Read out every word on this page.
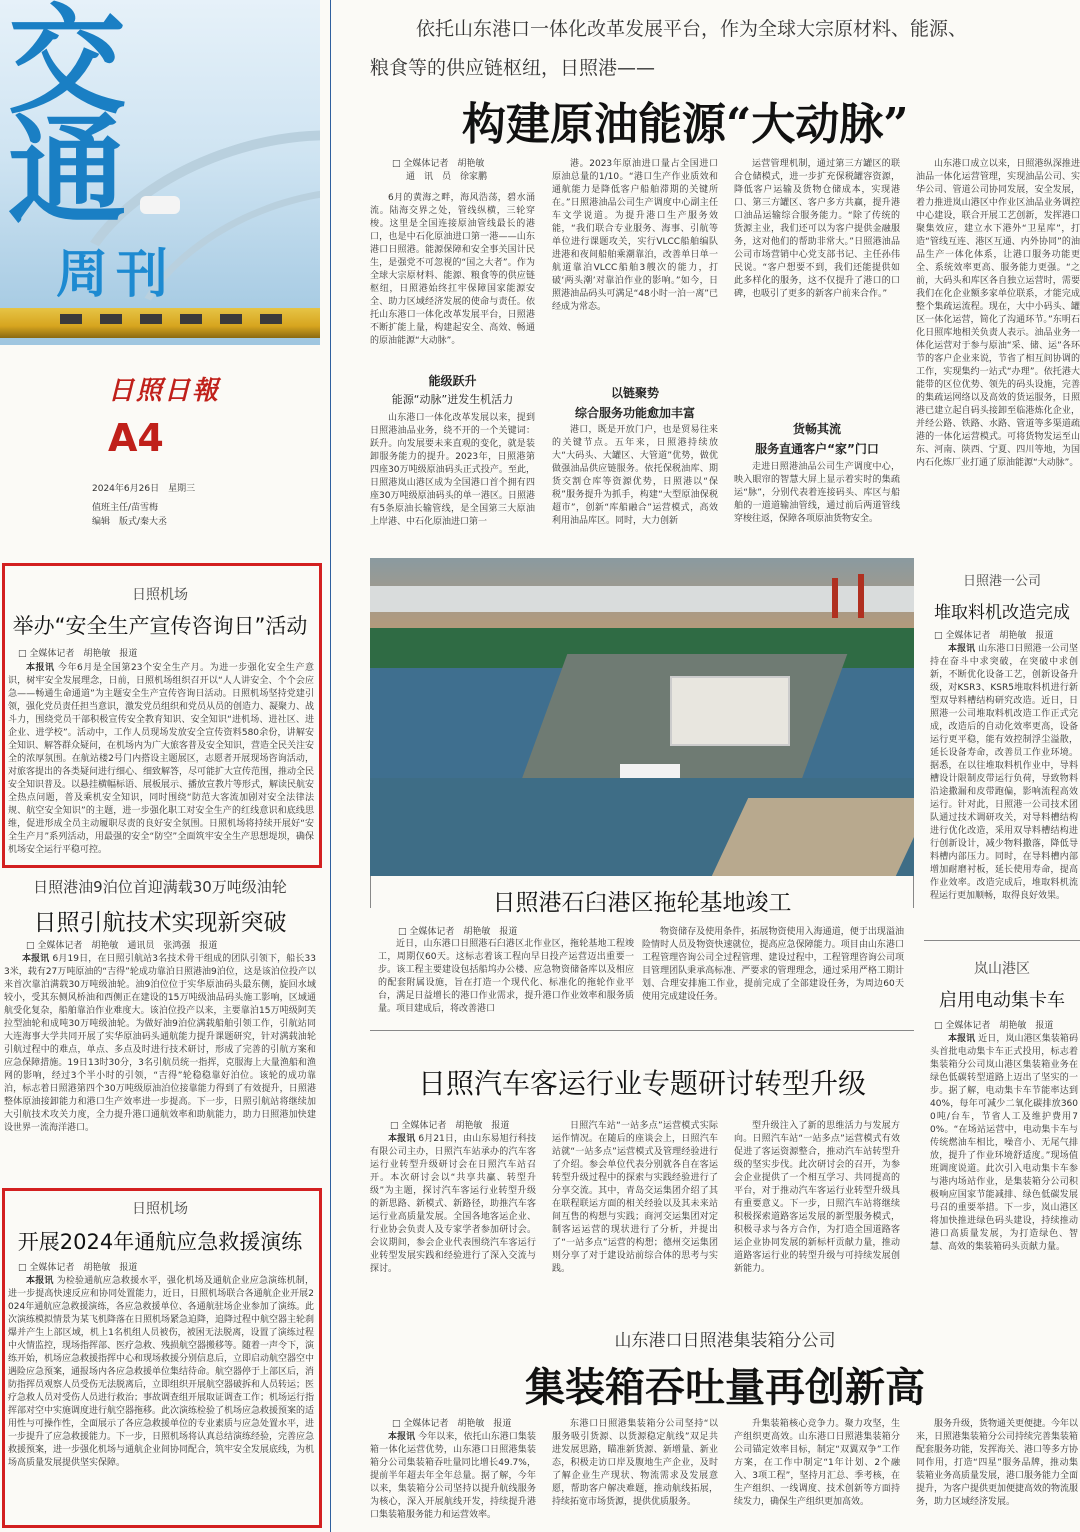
交
通
周刊
日照日報
A4
2024年6月26日　星期三
值班主任/苗雪梅
编辑　版式/秦大丞
日照机场
举办“安全生产宣传咨询日”活动
□ 全媒体记者　胡艳敏　报道
本报讯 今年6月是全国第23个安全生产月。为进一步强化安全生产意识，树牢安全发展理念，日前，日照机场组织召开以“人人讲安全、个个会应急——畅通生命通道”为主题安全生产宣传咨询日活动。日照机场坚持党建引领，强化党员责任担当意识，激发党员组织和党员从员的创造力、凝聚力、战斗力，围绕党员干部积极宣传安全教育知识、安全知识“进机场、进社区、进企业、进学校”。活动中，工作人员现场发放安全宣传资料580余份，讲解安全知识、解答群众疑问，在机场内为广大旅客普及安全知识，营造全民关注安全的浓厚氛围。在航站楼2号门内搭设主题展区，志愿者开展现场咨询活动，对旅客提出的各类疑问进行细心、细致解答，尽可能扩大宣传范围，推动全民安全知识普及。以悬挂横幅标语、展板展示、播放宣教片等形式，解读民航安全热点问题，普及乘机安全知识，同时围绕“防范大客流加剧对安全法律法规、航空安全知识”的主题，进一步强化职工对安全生产的红线意识和底线思维，促进形成全员主动履职尽责的良好安全氛围。日照机场将持续开展好“安全生产月”系列活动，用最强的安全“防空”全面筑牢安全生产思想堤坝，确保机场安全运行平稳可控。
日照港油9泊位首迎满载30万吨级油轮
日照引航技术实现新突破
□ 全媒体记者　胡艳敏　通讯员　张鸿强　报道
本报讯 6月19日，在日照引航站3名技术骨干组成的团队引领下，船长333米，载有27万吨原油的“吉得”轮成功靠泊日照港油9泊位，这是该泊位投产以来首次靠泊满载30万吨级油轮。油9泊位位于实华原油码头最东侧，旋回水域较小，受其东侧风桥油和西侧正在建设的15万吨级油品码头施工影响，区域通航受化复杂，船舶靠泊作业难度大。该泊位投产以来，主要靠泊15万吨级阿芙拉型油轮和成吨30万吨级油轮。为做好油9泊位满载船舶引领工作，引航站同大连海事大学共同开展了实华原油码头通航能力提升课题研究，针对满载油轮引航过程中的难点，单点、多点及时进行技术研讨，形成了完善的引航方案和应急保障措施。19日13时30分，3名引航员统一指挥，克服海上大量渔船和渔网的影响，经过3个半小时的引领，“吉得”轮稳稳靠好泊位。该轮的成功靠泊，标志着日照港第四个30万吨级原油泊位接靠能力得到了有效提升，日照港整体原油接卸能力和港口生产效率进一步提高。下一步，日照引航站将继续加大引航技术攻关力度，全力提升港口通航效率和助航能力，助力日照港加快建设世界一流海洋港口。
日照机场
开展2024年通航应急救援演练
□ 全媒体记者　胡艳敏　报道
本报讯 为检验通航应急救援水平，强化机场及通航企业应急演练机制，进一步提高快速反应和协同处置能力，近日，日照机场联合各通航企业开展2024年通航应急救援演练，各应急救援单位、各通航驻场企业参加了演练。此次演练模拟情景为某飞机降落在日照机场紧急迫降，追降过程中航空器主轮刹爆并产生上部区域，机上1名机组人员被伤，被困无法脱离，设置了演练过程中火情监控，现场指挥部、医疗急救、残损航空器搬移等。随着一声令下，演练开始，机场应急救援指挥中心和现场救援分别信息后，立即启动航空器空中遇险应急预案，通报场内各应急救援单位集结待命。航空器停于上部区后，消防指挥员观察人员受伤无法脱离后，立即组织开展航空器破拆和人员转运；医疗急救人员对受伤人员进行救治；事故调查组开展取证调查工作；机场运行指挥部对空中实施调度进行航空器拖移。此次演练检验了机场应急救援预案的适用性与可操作性，全面展示了各应急救援单位的专业素质与应急处置水平，进一步提升了应急救援能力。下一步，日照机场将认真总结演练经验，完善应急救援预案，进一步强化机场与通航企业间协同配合，筑牢安全发展底线，为机场高质量发展提供坚实保障。
依托山东港口一体化改革发展平台，作为全球大宗原材料、能源、
粮食等的供应链枢纽，日照港——
构建原油能源“大动脉”
□ 全媒体记者　胡艳敏
通　讯　员　徐家鹏
6月的黄海之畔，海风浩荡，碧水涌流。陆海交界之处，管线纵横，三轮穿梭。这里是全国连接原油管线最长的港口，也是中石化原油进口第一港——山东港口日照港。能源保障和安全事关国计民生，是强党不可忽视的“国之大者”。作为全球大宗原材料、能源、粮食等的供应链枢纽，日照港始终扛牢保障国家能源安全、助力区域经济发展的使命与责任。依托山东港口一体化改革发展平台，日照港不断扩能上量，构建起安全、高效、畅通的原油能源“大动脉”。
能级跃升
能源“动脉”迸发生机活力
山东港口一体化改革发展以来，提到日照港油品业务，绕不开的一个关键词：跃升。向发展要未来直观的变化，就是装卸服务能力的提升。2023年，日照港第四座30万吨级原油码头正式投产。至此，日照港岚山港区成为全国港口首个拥有四座30万吨级原油码头的单一港区。日照港有5条原油长输管线，是全国第三大原油上岸港、中石化原油进口第一
港。2023年原油进口量占全国进口原油总量的1/10。“港口生产作业质效和通航能力是降低客户船舶滞期的关键所在。”日照港油品公司生产调度中心副主任车文学说道。为提升港口生产服务效能，“我们联合专业服务、海事、引航等单位进行课题攻关，实行VLCC船舶编队进港和夜间船舶乘潮靠泊，改善单日单一航道靠泊VLCC船舶3艘次的能力，打破‘两头潮’对靠泊作业的影响。”如今，日照港油品码头可满足“48小时一泊一离”已经成为常态。
以链聚势
综合服务功能愈加丰富
港口，既是开放门户，也是贸易往来的关键节点。五年来，日照港持续放大“大码头、大罐区、大管道”优势，做优做强油品供应链服务。依托保税油库、期货交割仓库等资源优势，日照港以“保税”服务提升为抓手，构建“大型原油保税超市”，创新“库船融合”运营模式，高效利用油品库区。同时，大力创新
运营管理机制，通过第三方罐区的联合仓储模式，进一步扩充保税罐容资源，降低客户运输及货物仓储成本，实现港口、第三方罐区、客户多方共赢，提升港口油品运输综合服务能力。“除了传统的货源主业，我们还可以为客户提供金融服务，这对他们的帮助非常大。”日照港油品公司市场营销中心党支部书记、主任孙伟民说。“客户想要不到，我们还能提供如此多样化的服务，这不仅提升了港口的口碑，也吸引了更多的新客户前来合作。”
货畅其流
服务直通客户“家”门口
走进日照港油品公司生产调度中心，映入眼帘的智慧大屏上显示着实时的集疏运“脉”，分别代表着连接码头、库区与船舶的一道道输油管线，通过前后两道管线穿梭往返，保障各项原油货物安全。
山东港口成立以来，日照港纵深推进油品一体化运营管理，实现油品公司、实华公司、管道公司协同发展，安全发展，着力推进岚山港区中作业区油品业务调控中心建设，联合开展工艺创新，发挥港口聚集效应，建立水下港外“卫星库”，打造“管线互连、港区互通、内外协同”的油品生产一体化体系，让港口服务功能更全、系统效率更高、服务能力更强。“之前，大码头和库区各自独立运营时，需要我们在化企业额多家单位联系，才能完成整个集疏运流程。现在，大中小码头、罐区一体化运营，简化了沟通环节。”东明石化日照库地相关负责人表示。油品业务一体化运营对于参与原油“采、储、运”各环节的客户企业来说，节省了相互间协调的工作，实现集约一站式“办理”。依托港大能带的区位优势、领先的码头设施，完善的集疏运网络以及高效的货运服务，日照港已建立起自码头接卸至临港炼化企业，并经公路、铁路、水路、管道等多渠道疏港的一体化运营模式。可将货物发运至山东、河南、陕西、宁夏、四川等地，为国内石化炼厂业打通了原油能源“大动脉”。
日照港石臼港区拖轮基地竣工
□ 全媒体记者　胡艳敏　报道
近日，山东港口日照港石臼港区北作业区，拖轮基地工程竣工，周期仅60天。这标志着该工程向早日投产运营迈出重要一步。该工程主要建设包括船坞办公楼、应急物资储备库以及相应的配套附属设施，旨在打造一个现代化、标准化的拖轮作业平台，满足日益增长的港口作业需求，提升港口作业效率和服务质量。项目建成后，将改善港口
物资储存及使用条件，拓展物资使用入海通道，便于出现溢油险情时人员及物资快速就位，提高应急保障能力。项目由山东港口工程管理咨询公司全过程管理、建设过程中，工程管理咨询公司项目管理团队秉承高标准、严要求的管理理念，通过采用严格工期计划、合理安排施工作业，提前完成了全部建设任务，为周边60天使用完成建设任务。
日照港一公司
堆取料机改造完成
□ 全媒体记者　胡艳敏　报道
本报讯 山东港口日照港一公司坚持在奋斗中求突破，在突破中求创新，不断优化设备工艺，创新设备升级，对KSR3、KSR5堆取料机进行新型双导料槽结构研究改造。近日，日照港一公司堆取料机改造工作正式完成，改造后的自动化效率更高，设备运行更平稳，能有效控制浮尘溢散，延长设备寿命，改善员工作业环境。据悉，在以往堆取料机作业中，导料槽设计限制皮带运行负荷，导致物料沿途撒漏和皮带跑偏，影响流程高效运行。针对此，日照港一公司技术团队通过技术调研攻关，对导料槽结构进行优化改造，采用双导料槽结构进行创新设计，减少物料撒落，降低导料槽内部压力。同时，在导料槽内部增加耐磨衬板，延长使用寿命，提高作业效率。改造完成后，堆取料机流程运行更加顺畅，取得良好效果。
岚山港区
启用电动集卡车
□ 全媒体记者　胡艳敏　报道
本报讯 近日，岚山港区集装箱码头首批电动集卡车正式投用，标志着集装箱分公司岚山港区集装箱业务在绿色低碳转型道路上迈出了坚实的一步。据了解，电动集卡车节能率达到40%，每年可减少二氧化碳排放3600吨/台车，节省人工及维护费用70%。“在场站运营中，电动集卡车与传统燃油车相比，噪音小、无尾气排放，提升了作业环境舒适度。”现场值班调度说道。此次引入电动集卡车参与港内场站作业，是集装箱分公司积极响应国家节能减排、绿色低碳发展号召的重要举措。下一步，岚山港区将加快推进绿色码头建设，持续推动港口高质量发展，为打造绿色、智慧、高效的集装箱码头贡献力量。
日照汽车客运行业专题研讨转型升级
□ 全媒体记者　胡艳敏　报道
本报讯 6月21日，由山东易旭行科技有限公司主办，日照汽车站承办的汽车客运行业转型升级研讨会在日照汽车站召开。本次研讨会以“共享共赢、转型升级”为主题，探讨汽车客运行业转型升级的新思路、新模式、新路径，助推汽车客运行业高质量发展。全国各地客运企业、行业协会负责人及专家学者参加研讨会。会议期间，参会企业代表围绕汽车客运行业转型发展实践和经验进行了深入交流与探讨。
日照汽车站“一站多点”运营模式实际运作情况。在随后的座谈会上，日照汽车站就“一站多点”运营模式及管理经验进行了介绍。参会单位代表分别就各自在客运转型升级过程中的探索与实践经验进行了分享交流。其中，青岛交运集团介绍了其在联程联运方面的相关经验以及其未来站间互售的构想与实践；商河交运集团对定制客运运营的现状进行了分析，并提出了“一站多点”运营的构想；德州交运集团则分享了对于建设站前综合体的思考与实践。
型升级注入了新的思维活力与发展方向。日照汽车站“一站多点”运营模式有效促进了客运资源整合，推动汽车站转型升级的坚实步伐。此次研讨会的召开，为参会企业提供了一个相互学习、共同提高的平台，对于推动汽车客运行业转型升级具有重要意义。下一步，日照汽车站将继续积极探索道路客运发展的新型服务模式，积极寻求与各方合作，为打造全国道路客运企业协同发展的新标杆贡献力量，推动道路客运行业的转型升级与可持续发展创新能力。
山东港口日照港集装箱分公司
集装箱吞吐量再创新高
□ 全媒体记者　胡艳敏　报道
本报讯 今年以来，依托山东港口集装箱一体化运营优势，山东港口日照港集装箱分公司集装箱吞吐量同比增长49.7%，提前半年超去年全年总量。据了解，今年以来，集装箱分公司坚持以提升航线服务为核心，深入开展航线开发，持续提升港口集装箱服务能力和运营效率。
东港口日照港集装箱分公司坚持“以服务吸引货源、以货源稳定航线”双足共进发展思路，瞄准新货源、新增量、新业态，积极走访口岸及腹地生产企业，及时了解企业生产现状、物流需求及发展意愿，帮助客户解决难题，推动航线拓展，持续拓宽市场货源，提供优质服务。
升集装箱核心竞争力。聚力攻坚，生产组织更高效。山东港口日照港集装箱分公司锚定效率目标，制定“双翼双争”工作方案，在工作中制定“1年计划、2个融入、3项工程”，坚持月汇总、季考核，在生产组织、一线调度、技术创新等方面持续发力，确保生产组织更加高效。
服务升级，货物通关更便捷。今年以来，日照港集装箱分公司持续完善集装箱配套服务功能，发挥海关、港口等多方协同作用，打造“四星”服务品牌，推动集装箱业务高质量发展，港口服务能力全面提升，为客户提供更加便捷高效的物流服务，助力区域经济发展。
